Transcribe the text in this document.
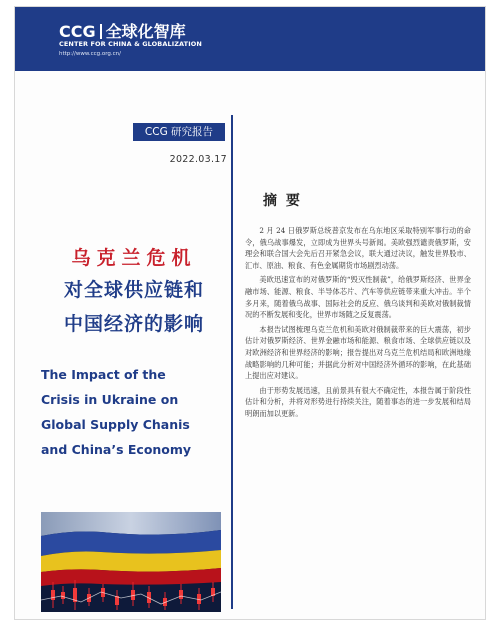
CCG 全球化智库
CENTER FOR CHINA & GLOBALIZATION
http://www.ccg.org.cn/
CCG 研究报告
2022.03.17
乌克兰危机
对全球供应链和
中国经济的影响
The Impact of the
Crisis in Ukraine on
Global Supply Chanis
and China’s Economy
摘 要

2 月 24 日俄罗斯总统普京发布在乌东地区采取特别军事行动的命令，俄乌战事爆发，立即成为世界头号新闻。美欧强烈谴责俄罗斯，安理会和联合国大会先后召开紧急会议，联大通过决议，触发世界股市、汇市、原油、粮食、有色金属期货市场剧烈动荡。

美欧迅速宣布的对俄罗斯的“毁灭性制裁”，给俄罗斯经济、世界金融市场、能源、粮食、半导体芯片、汽车等供应链带来重大冲击。半个多月来，随着俄乌战事、国际社会的反应、俄乌谈判和美欧对俄制裁情况的不断发展和变化，世界市场随之反复震荡。

本报告试图梳理乌克兰危机和美欧对俄制裁带来的巨大震荡，初步估计对俄罗斯经济、世界金融市场和能源、粮食市场、全球供应链以及对欧洲经济和世界经济的影响；报告提出对乌克兰危机结局和欧洲地缘战略影响的几种可能；并据此分析对中国经济外循环的影响，在此基础上提出应对建议。

由于形势发展迅速，且前景具有很大不确定性，本报告属于阶段性估计和分析，并将对形势进行持续关注，随着事态的进一步发展和结局明朗而加以更新。
